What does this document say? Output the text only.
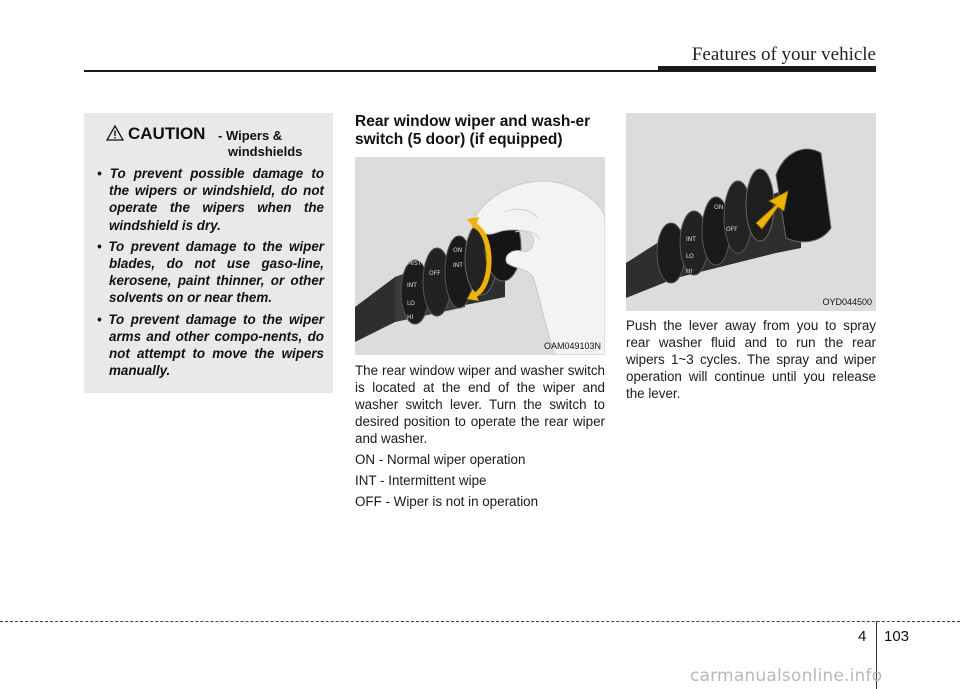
Features of your vehicle
CAUTION - Wipers &
windshields
• To prevent possible damage to the wipers or windshield, do not operate the wipers when the windshield is dry.
• To prevent damage to the wiper blades, do not use gaso-line, kerosene, paint thinner, or other solvents on or near them.
• To prevent damage to the wiper arms and other compo-nents, do not attempt to move the wipers manually.
Rear window wiper and wash-er switch (5 door) (if equipped)
MIST
INT
LO
HI
OFF
ON
INT
OAM049103N

The rear window wiper and washer switch is located at the end of the wiper and washer switch lever. Turn the switch to desired position to operate the rear wiper and washer.

ON - Normal wiper operation
INT - Intermittent wipe
OFF - Wiper is not in operation
MIST
INT
LO
HI
ON
OFF
OYD044500
Push the lever away from you to spray rear washer fluid and to run the rear wipers 1~3 cycles. The spray and wiper operation will continue until you release the lever.
4 103
carmanualsonline.info
